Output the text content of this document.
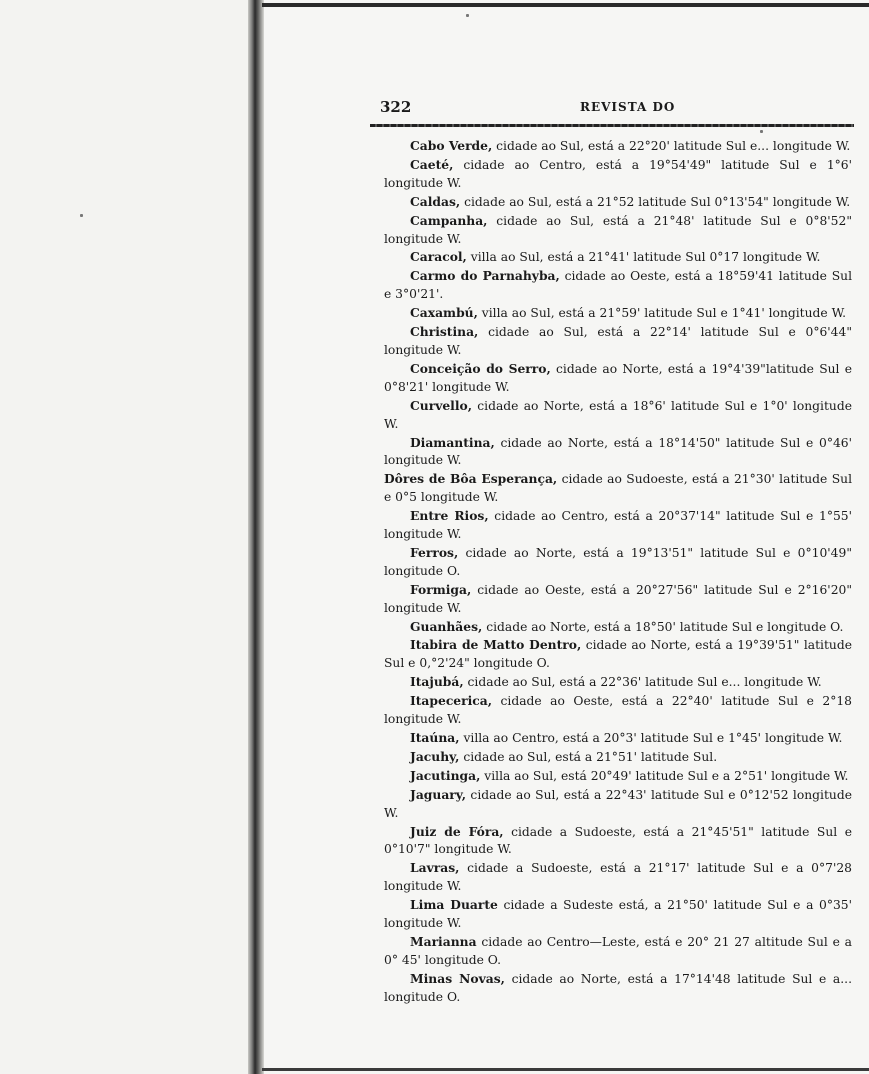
322	REVISTA DO

Cabo Verde, cidade ao Sul, está a 22°20' latitude Sul e... longitude W.

Caeté, cidade ao Centro, está a 19°54'49" latitude Sul e 1°6' longitude W.

Caldas, cidade ao Sul, está a 21°52 latitude Sul 0°13'54" longitude W.

Campanha, cidade ao Sul, está a 21°48' latitude Sul e 0°8'52" longitude W.

Caracol, villa ao Sul, está a 21°41' latitude Sul 0°17 longitude W.

Carmo do Parnahyba, cidade ao Oeste, está a 18°59'41 latitude Sul e 3°0'21'.

Caxambú, villa ao Sul, está a 21°59' latitude Sul e 1°41' longitude W.

Christina, cidade ao Sul, está a 22°14' latitude Sul e 0°6'44" longitude W.

Conceição do Serro, cidade ao Norte, está a 19°4'39"latitude Sul e 0°8'21' longitude W.

Curvello, cidade ao Norte, está a 18°6' latitude Sul e 1°0' longitude W.

Diamantina, cidade ao Norte, está a 18°14'50" latitude Sul e 0°46' longitude W.

Dôres de Bôa Esperança, cidade ao Sudoeste, está a 21°30' latitude Sul e 0°5 longitude W.

Entre Rios, cidade ao Centro, está a 20°37'14" latitude Sul e 1°55' longitude W.

Ferros, cidade ao Norte, está a 19°13'51" latitude Sul e 0°10'49" longitude O.

Formiga, cidade ao Oeste, está a 20°27'56" latitude Sul e 2°16'20" longitude W.

Guanhães, cidade ao Norte, está a 18°50' latitude Sul e longitude O.

Itabira de Matto Dentro, cidade ao Norte, está a 19°39'51" latitude Sul e 0,°2'24" longitude O.

Itajubá, cidade ao Sul, está a 22°36' latitude Sul e... longitude W.

Itapecerica, cidade ao Oeste, está a 22°40' latitude Sul e 2°18 longitude W.

Itaúna, villa ao Centro, está a 20°3' latitude Sul e 1°45' longitude W.

Jacuhy, cidade ao Sul, está a 21°51' latitude Sul.

Jacutinga, villa ao Sul, está 20°49' latitude Sul e a 2°51' longitude W.

Jaguary, cidade ao Sul, está a 22°43' latitude Sul e 0°12'52 longitude W.

Juiz de Fóra, cidade a Sudoeste, está a 21°45'51" latitude Sul e 0°10'7" longitude W.

Lavras, cidade a Sudoeste, está a 21°17' latitude Sul e a 0°7'28 longitude W.

Lima Duarte cidade a Sudeste está, a 21°50' latitude Sul e a 0°35' longitude W.

Marianna cidade ao Centro—Leste, está e 20° 21 27 altitude Sul e a 0° 45' longitude O.

Minas Novas, cidade ao Norte, está a 17°14'48 latitude Sul e a... longitude O.
